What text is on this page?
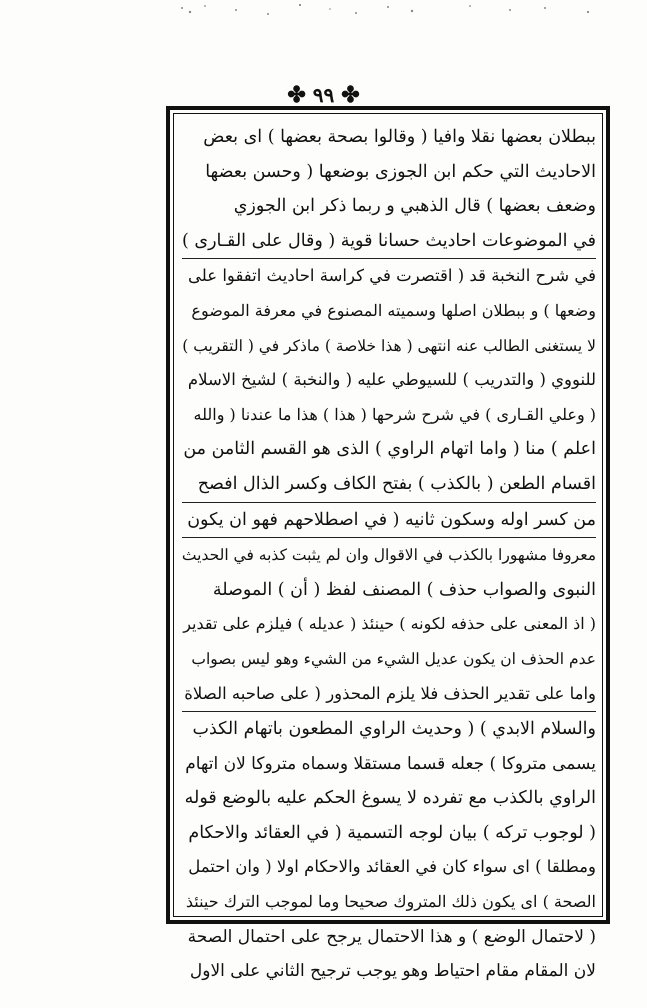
✤ ٩٩ ✤
ببطلان بعضها نقلا وافيا ( وقالوا بصحة بعضها ) اى بعض
الاحاديث التي حكم ابن الجوزى بوضعها ( وحسن بعضها
وضعف بعضها ) قال الذهبي و ربما ذكر ابن الجوزي
في الموضوعات احاديث حسانا قوية ( وقال على القـارى )
في شرح النخبة قد ( اقتصرت في كراسة احاديث اتفقوا على
وضعها ) و ببطلان اصلها وسميته المصنوع في معرفة الموضوع
لا يستغنى الطالب عنه انتهى ( هذا خلاصة ) ماذكر في ( التقريب )
للنووي ( والتدريب ) للسيوطي عليه ( والنخبة ) لشيخ الاسلام
( وعلي القـارى ) في شرح شرحها ( هذا ) هذا ما عندنا ( والله
اعلم ) منا ( واما اتهام الراوي ) الذى هو القسم الثامن من
اقسام الطعن ( بالكذب ) بفتح الكاف وكسر الذال افصح
من كسر اوله وسكون ثانيه ( في اصطلاحهم فهو ان يكون
معروفا مشهورا بالكذب في الاقوال وان لم يثبت كذبه في الحديث
النبوى والصواب حذف ) المصنف لفظ ( أن ) الموصلة
( اذ المعنى على حذفه لكونه ) حينئذ ( عديله ) فيلزم على تقدير
عدم الحذف ان يكون عديل الشيء من الشيء وهو ليس بصواب
واما على تقدير الحذف فلا يلزم المحذور ( على صاحبه الصلاة
والسلام الابدي ) ( وحديث الراوي المطعون باتهام الكذب
يسمى متروكا ) جعله قسما مستقلا وسماه متروكا لان اتهام
الراوي بالكذب مع تفرده لا يسوغ الحكم عليه بالوضع قوله
( لوجوب تركه ) بيان لوجه التسمية ( في العقائد والاحكام
ومطلقا ) اى سواء كان في العقائد والاحكام اولا ( وان احتمل
الصحة ) اى يكون ذلك المتروك صحيحا وما لموجب الترك حينئذ
( لاحتمال الوضع ) و هذا الاحتمال يرجح على احتمال الصحة
لان المقام مقام احتياط وهو يوجب ترجيح الثاني على الاول
